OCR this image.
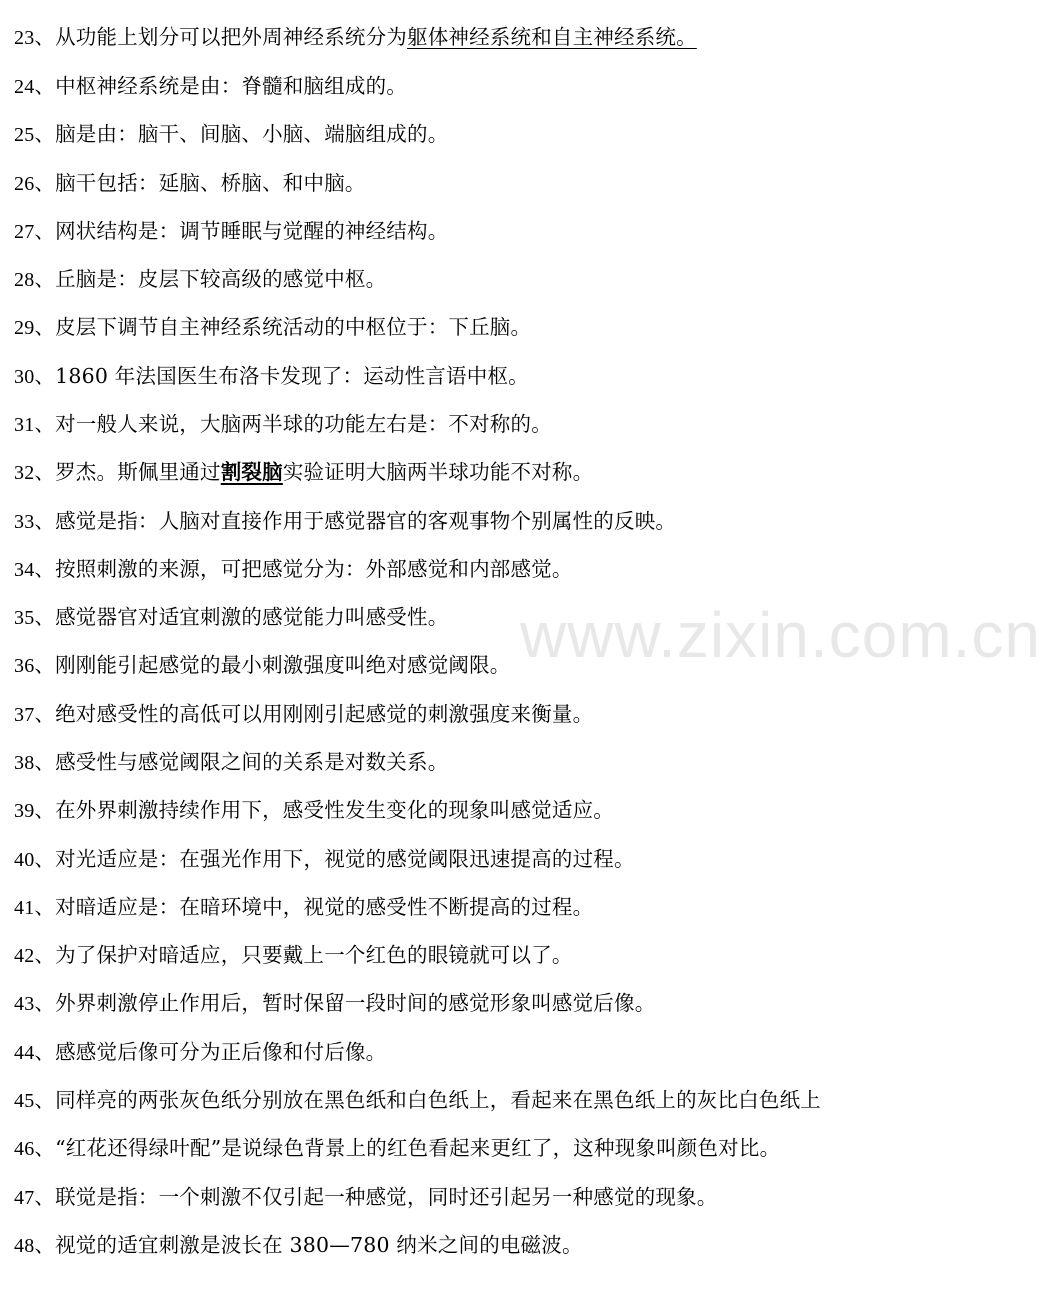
www.zixin.com.cn
23、从功能上划分可以把外周神经系统分为躯体神经系统和自主神经系统。
24、中枢神经系统是由：脊髓和脑组成的。
25、脑是由：脑干、间脑、小脑、端脑组成的。
26、脑干包括：延脑、桥脑、和中脑。
27、网状结构是：调节睡眠与觉醒的神经结构。
28、丘脑是：皮层下较高级的感觉中枢。
29、皮层下调节自主神经系统活动的中枢位于：下丘脑。
30、1860 年法国医生布洛卡发现了：运动性言语中枢。
31、对一般人来说，大脑两半球的功能左右是：不对称的。
32、罗杰。斯佩里通过割裂脑实验证明大脑两半球功能不对称。
33、感觉是指：人脑对直接作用于感觉器官的客观事物个别属性的反映。
34、按照刺激的来源，可把感觉分为：外部感觉和内部感觉。
35、感觉器官对适宜刺激的感觉能力叫感受性。
36、刚刚能引起感觉的最小刺激强度叫绝对感觉阈限。
37、绝对感受性的高低可以用刚刚引起感觉的刺激强度来衡量。
38、感受性与感觉阈限之间的关系是对数关系。
39、在外界刺激持续作用下，感受性发生变化的现象叫感觉适应。
40、对光适应是：在强光作用下，视觉的感觉阈限迅速提高的过程。
41、对暗适应是：在暗环境中，视觉的感受性不断提高的过程。
42、为了保护对暗适应，只要戴上一个红色的眼镜就可以了。
43、外界刺激停止作用后，暂时保留一段时间的感觉形象叫感觉后像。
44、感感觉后像可分为正后像和付后像。
45、同样亮的两张灰色纸分别放在黑色纸和白色纸上，看起来在黑色纸上的灰比白色纸上
46、“红花还得绿叶配”是说绿色背景上的红色看起来更红了，这种现象叫颜色对比。
47、联觉是指：一个刺激不仅引起一种感觉，同时还引起另一种感觉的现象。
48、视觉的适宜刺激是波长在 380—780 纳米之间的电磁波。
